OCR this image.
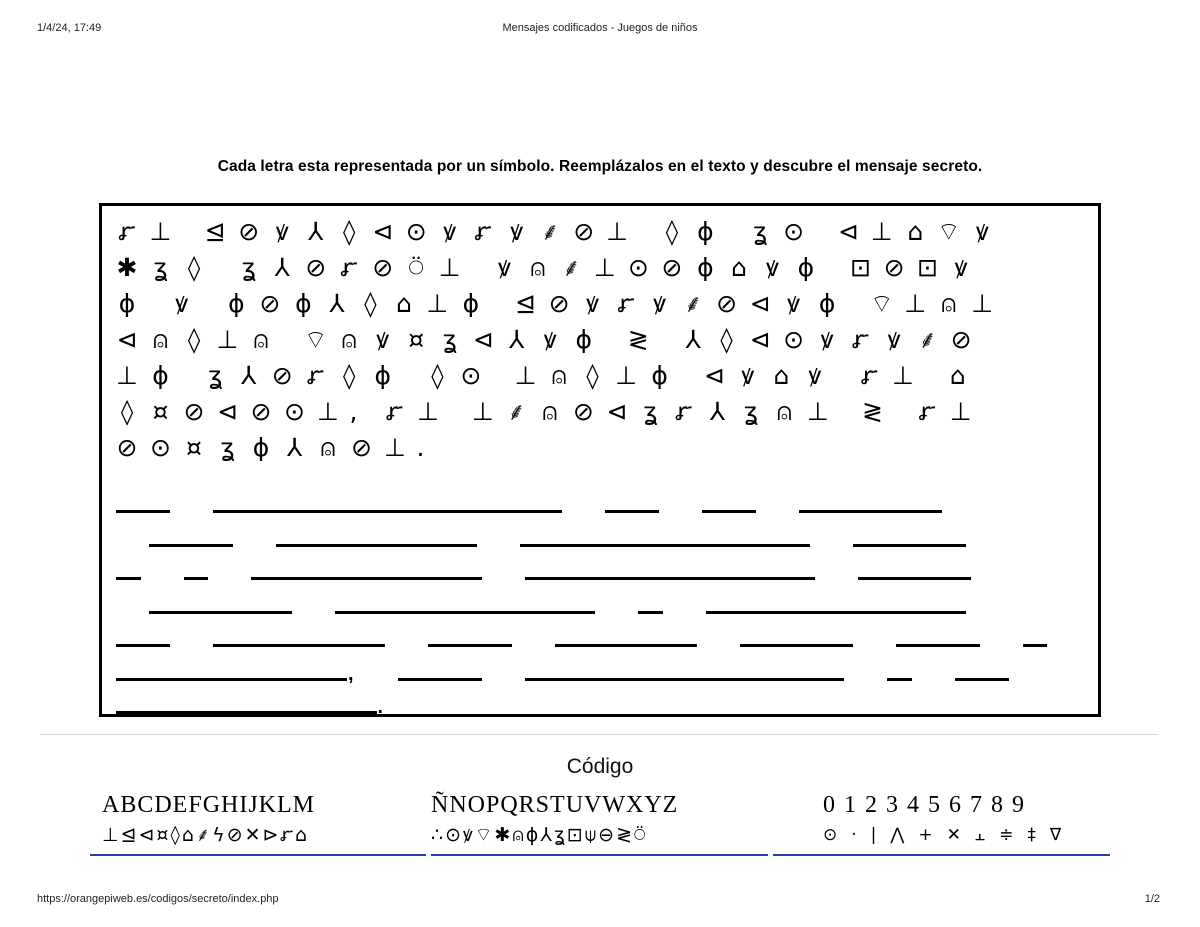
1/4/24, 17:49	Mensajes codificados - Juegos de niños
Cada letra esta representada por un símbolo. Reemplázalos en el texto y descubre el mensaje secreto.
ꭊ ⊥ ⊴ ⊘ ꝟ ⅄ ◊ ⊲ ⊙ ꝟ ꭊ ꝟ ⸙ ⊘ ⊥ ◊ ϕ ʓ ⊙ ⊲ ⊥ ⌂ ⌔ ꝟ
✱ ʓ ◊ ʓ ⅄ ⊘ ꭊ ⊘ ⍥ ⊥ ꝟ ⍝ ⸙ ⊥ ⊙ ⊘ ϕ ⌂ ꝟ ϕ ⊡ ⊘ ⊡ ꝟ
ϕ ꝟ ϕ ⊘ ϕ ⅄ ◊ ⌂ ⊥ ϕ ⊴ ⊘ ꝟ ꭊ ꝟ ⸙ ⊘ ⊲ ꝟ ϕ ⌔ ⊥ ⍝ ⊥
⊲ ⍝ ◊ ⊥ ⍝ ⌔ ⍝ ꝟ ¤ ʓ ⊲ ⅄ ꝟ ϕ ≷ ⅄ ◊ ⊲ ⊙ ꝟ ꭊ ꝟ ⸙ ⊘
⊥ ϕ ʓ ⅄ ⊘ ꭊ ◊ ϕ ◊ ⊙ ⊥ ⍝ ◊ ⊥ ϕ ⊲ ꝟ ⌂ ꝟ ꭊ ⊥ ⌂
◊ ¤ ⊘ ⊲ ⊘ ⊙ ⊥ , ꭊ ⊥ ⊥ ⸙ ⍝ ⊘ ⊲ ʓ ꭊ ⅄ ʓ ⍝ ⊥ ≷ ꭊ ⊥
⊘ ⊙ ¤ ʓ ϕ ⅄ ⍝ ⊘ ⊥ .
,
.
Código
ABCDEFGHIJKLM
⊥⊴⊲¤◊⌂⸙ϟ⊘✕⊳ꭊ⌂
ÑNOPQRSTUVWXYZ
∴⊙ꝟ⌔✱⍝ϕ⅄ʓ⊡⍦⊖≷⍥
0123456789
⊙·|⋀+✕⫠≑‡∇
https://orangepiweb.es/codigos/secreto/index.php	1/2
